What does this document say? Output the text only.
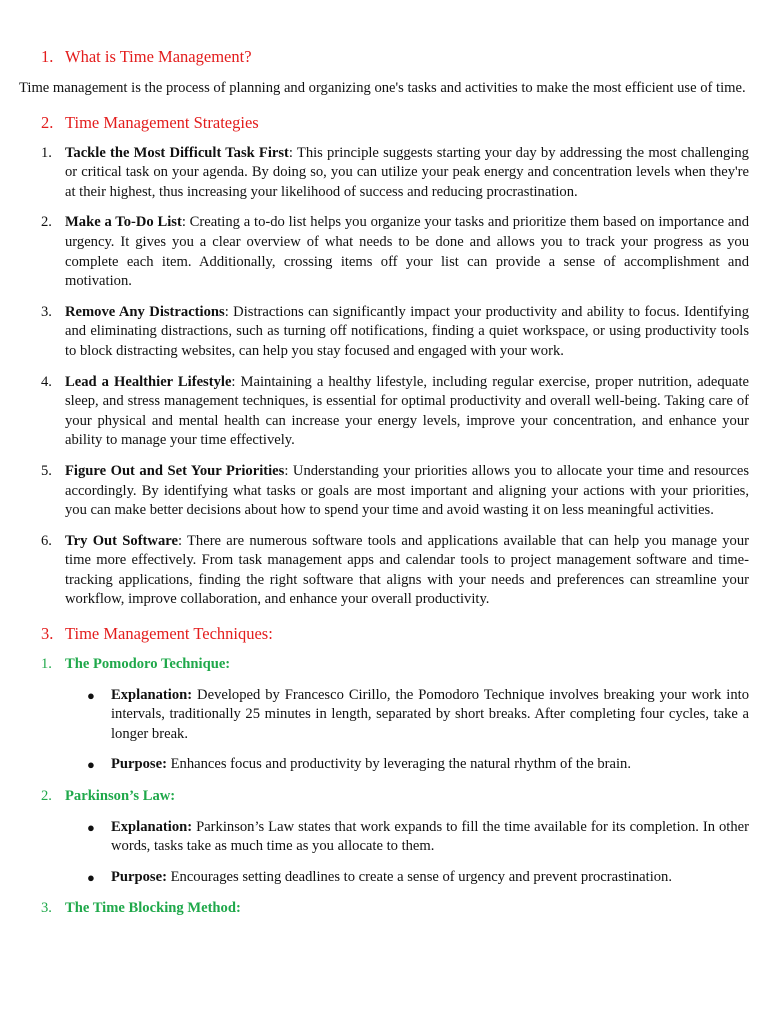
1. What is Time Management?

Time management is the process of planning and organizing one's tasks and activities to make the most efficient use of time.

2. Time Management Strategies
1. Tackle the Most Difficult Task First: This principle suggests starting your day by addressing the most challenging or critical task on your agenda. By doing so, you can utilize your peak energy and concentration levels when they're at their highest, thus increasing your likelihood of success and reducing procrastination.
2. Make a To-Do List: Creating a to-do list helps you organize your tasks and prioritize them based on importance and urgency. It gives you a clear overview of what needs to be done and allows you to track your progress as you complete each item. Additionally, crossing items off your list can provide a sense of accomplishment and motivation.
3. Remove Any Distractions: Distractions can significantly impact your productivity and ability to focus. Identifying and eliminating distractions, such as turning off notifications, finding a quiet workspace, or using productivity tools to block distracting websites, can help you stay focused and engaged with your work.
4. Lead a Healthier Lifestyle: Maintaining a healthy lifestyle, including regular exercise, proper nutrition, adequate sleep, and stress management techniques, is essential for optimal productivity and overall well-being. Taking care of your physical and mental health can increase your energy levels, improve your concentration, and enhance your ability to manage your time effectively.
5. Figure Out and Set Your Priorities: Understanding your priorities allows you to allocate your time and resources accordingly. By identifying what tasks or goals are most important and aligning your actions with your priorities, you can make better decisions about how to spend your time and avoid wasting it on less meaningful activities.
6. Try Out Software: There are numerous software tools and applications available that can help you manage your time more effectively. From task management apps and calendar tools to project management software and time-tracking applications, finding the right software that aligns with your needs and preferences can streamline your workflow, improve collaboration, and enhance your overall productivity.
3. Time Management Techniques:
1. The Pomodoro Technique:
● Explanation: Developed by Francesco Cirillo, the Pomodoro Technique involves breaking your work into intervals, traditionally 25 minutes in length, separated by short breaks. After completing four cycles, take a longer break.
● Purpose: Enhances focus and productivity by leveraging the natural rhythm of the brain.
2. Parkinson’s Law:
● Explanation: Parkinson’s Law states that work expands to fill the time available for its completion. In other words, tasks take as much time as you allocate to them.
● Purpose: Encourages setting deadlines to create a sense of urgency and prevent procrastination.
3. The Time Blocking Method:
